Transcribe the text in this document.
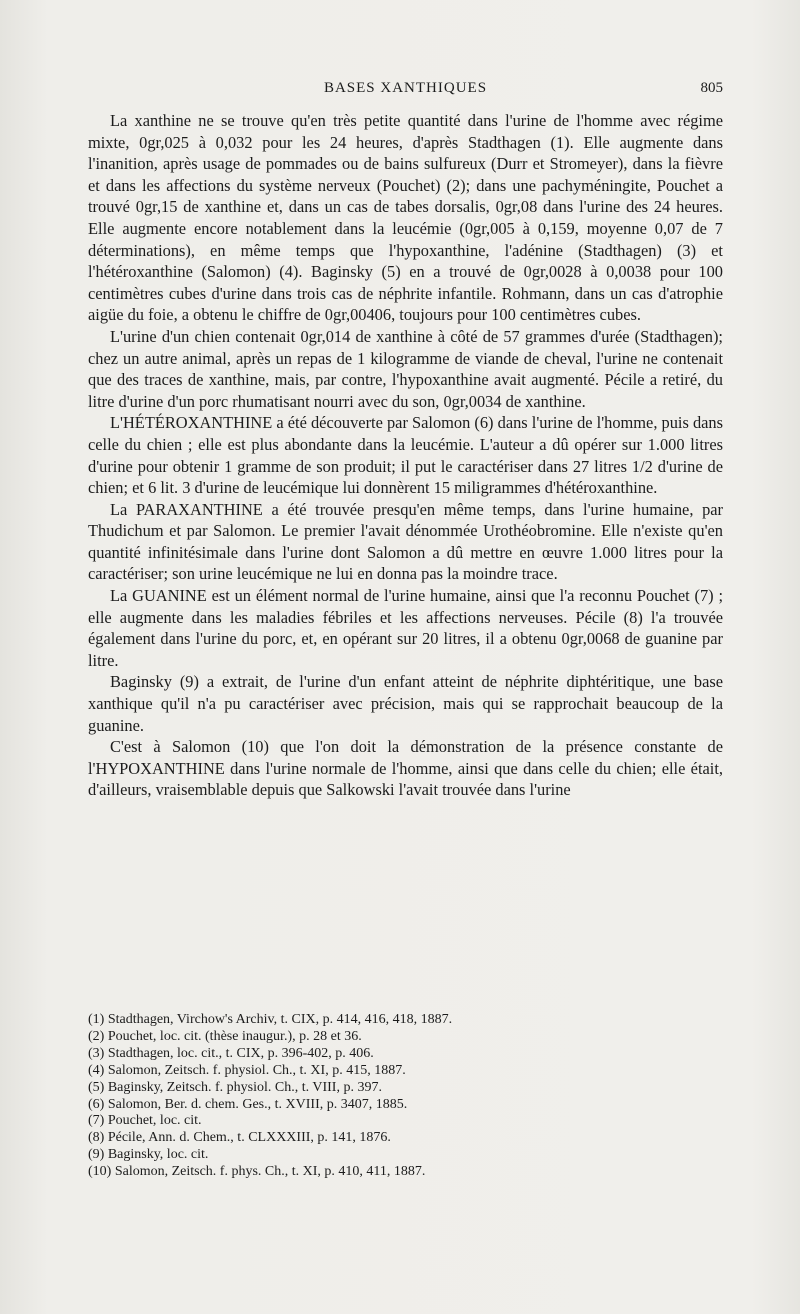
BASES XANTHIQUES	805

La xanthine ne se trouve qu'en très petite quantité dans l'urine de l'homme avec régime mixte, 0gr,025 à 0,032 pour les 24 heures, d'après Stadthagen (1). Elle augmente dans l'inanition, après usage de pommades ou de bains sulfureux (Durr et Stromeyer), dans la fièvre et dans les affections du système nerveux (Pouchet) (2); dans une pachyméningite, Pouchet a trouvé 0gr,15 de xanthine et, dans un cas de tabes dorsalis, 0gr,08 dans l'urine des 24 heures. Elle augmente encore notablement dans la leucémie (0gr,005 à 0,159, moyenne 0,07 de 7 déterminations), en même temps que l'hypoxanthine, l'adénine (Stadthagen) (3) et l'hétéroxanthine (Salomon) (4). Baginsky (5) en a trouvé de 0gr,0028 à 0,0038 pour 100 centimètres cubes d'urine dans trois cas de néphrite infantile. Rohmann, dans un cas d'atrophie aigüe du foie, a obtenu le chiffre de 0gr,00406, toujours pour 100 centimètres cubes.

L'urine d'un chien contenait 0gr,014 de xanthine à côté de 57 grammes d'urée (Stadthagen); chez un autre animal, après un repas de 1 kilogramme de viande de cheval, l'urine ne contenait que des traces de xanthine, mais, par contre, l'hypoxanthine avait augmenté. Pécile a retiré, du litre d'urine d'un porc rhumatisant nourri avec du son, 0gr,0034 de xanthine.

L'HÉTÉROXANTHINE a été découverte par Salomon (6) dans l'urine de l'homme, puis dans celle du chien ; elle est plus abondante dans la leucémie. L'auteur a dû opérer sur 1.000 litres d'urine pour obtenir 1 gramme de son produit; il put le caractériser dans 27 litres 1/2 d'urine de chien; et 6 lit. 3 d'urine de leucémique lui donnèrent 15 miligrammes d'hétéroxanthine.

La PARAXANTHINE a été trouvée presqu'en même temps, dans l'urine humaine, par Thudichum et par Salomon. Le premier l'avait dénommée Urothéobromine. Elle n'existe qu'en quantité infinitésimale dans l'urine dont Salomon a dû mettre en œuvre 1.000 litres pour la caractériser; son urine leucémique ne lui en donna pas la moindre trace.

La GUANINE est un élément normal de l'urine humaine, ainsi que l'a reconnu Pouchet (7) ; elle augmente dans les maladies fébriles et les affections nerveuses. Pécile (8) l'a trouvée également dans l'urine du porc, et, en opérant sur 20 litres, il a obtenu 0gr,0068 de guanine par litre.

Baginsky (9) a extrait, de l'urine d'un enfant atteint de néphrite diphtéritique, une base xanthique qu'il n'a pu caractériser avec précision, mais qui se rapprochait beaucoup de la guanine.

C'est à Salomon (10) que l'on doit la démonstration de la présence constante de l'HYPOXANTHINE dans l'urine normale de l'homme, ainsi que dans celle du chien; elle était, d'ailleurs, vraisemblable depuis que Salkowski l'avait trouvée dans l'urine

(1) Stadthagen, Virchow's Archiv, t. CIX, p. 414, 416, 418, 1887.
(2) Pouchet, loc. cit. (thèse inaugur.), p. 28 et 36.
(3) Stadthagen, loc. cit., t. CIX, p. 396-402, p. 406.
(4) Salomon, Zeitsch. f. physiol. Ch., t. XI, p. 415, 1887.
(5) Baginsky, Zeitsch. f. physiol. Ch., t. VIII, p. 397.
(6) Salomon, Ber. d. chem. Ges., t. XVIII, p. 3407, 1885.
(7) Pouchet, loc. cit.
(8) Pécile, Ann. d. Chem., t. CLXXXIII, p. 141, 1876.
(9) Baginsky, loc. cit.
(10) Salomon, Zeitsch. f. phys. Ch., t. XI, p. 410, 411, 1887.
